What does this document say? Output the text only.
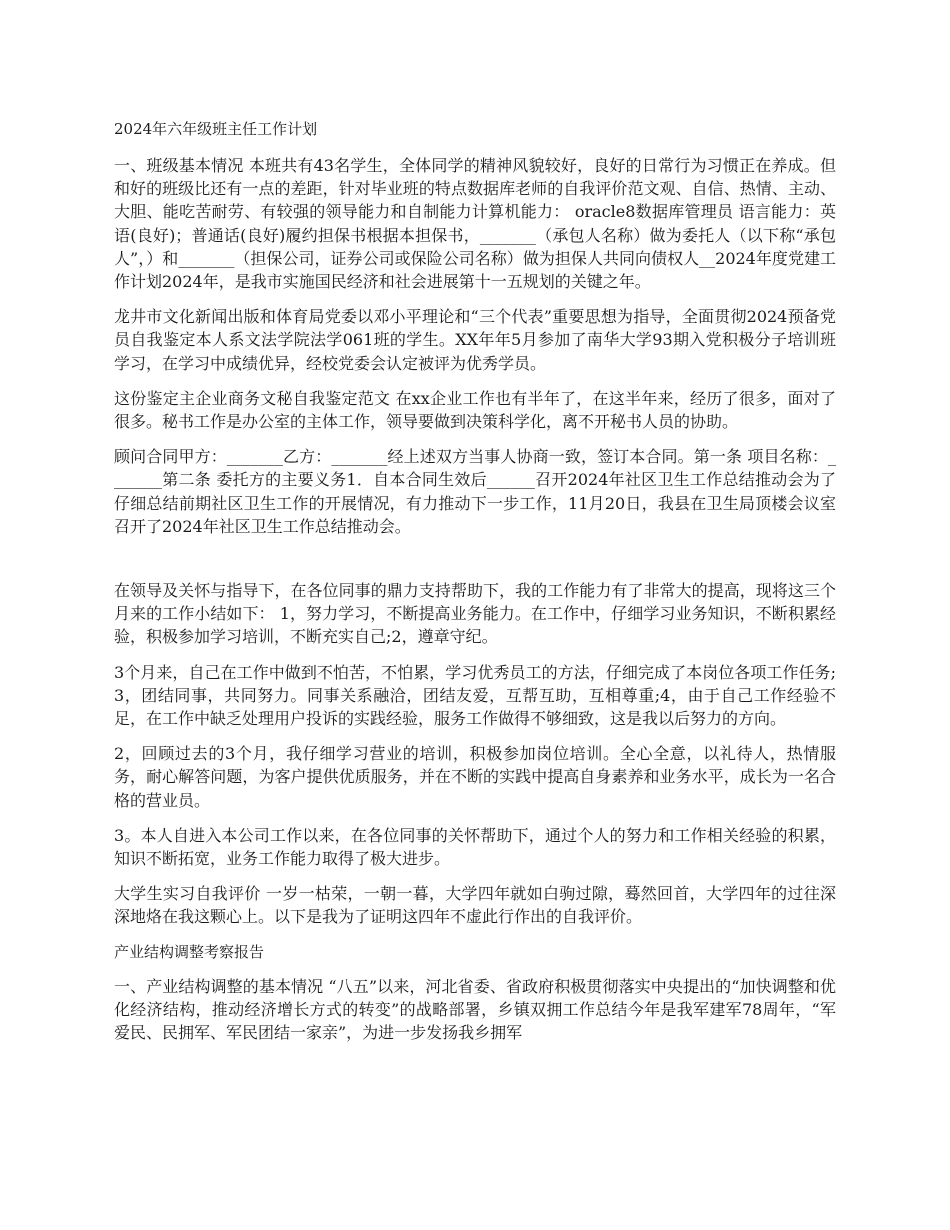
2024年六年级班主任工作计划

一、班级基本情况 本班共有43名学生，全体同学的精神风貌较好，良好的日常行为习惯正在养成。但和好的班级比还有一点的差距，针对毕业班的特点数据库老师的自我评价范文观、自信、热情、主动、大胆、能吃苦耐劳、有较强的领导能力和自制能力计算机能力： oracle8数据库管理员 语言能力：英语(良好)；普通话(良好)履约担保书根据本担保书，_______（承包人名称）做为委托人（以下称“承包人”，）和_______（担保公司，证券公司或保险公司名称）做为担保人共同向债权人__2024年度党建工作计划2024年，是我市实施国民经济和社会进展第十一五规划的关键之年。

龙井市文化新闻出版和体育局党委以邓小平理论和“三个代表”重要思想为指导，全面贯彻2024预备党员自我鉴定本人系文法学院法学061班的学生。XX年年5月参加了南华大学93期入党积极分子培训班学习，在学习中成绩优异，经校党委会认定被评为优秀学员。

这份鉴定主企业商务文秘自我鉴定范文 在xx企业工作也有半年了，在这半年来，经历了很多，面对了很多。秘书工作是办公室的主体工作，领导要做到决策科学化，离不开秘书人员的协助。

顾问合同甲方：_______乙方：_______经上述双方当事人协商一致，签订本合同。第一条 项目名称：_______第二条 委托方的主要义务1．自本合同生效后______召开2024年社区卫生工作总结推动会为了仔细总结前期社区卫生工作的开展情况，有力推动下一步工作，11月20日，我县在卫生局顶楼会议室召开了2024年社区卫生工作总结推动会。

在领导及关怀与指导下，在各位同事的鼎力支持帮助下，我的工作能力有了非常大的提高，现将这三个月来的工作小结如下： 1，努力学习，不断提高业务能力。在工作中，仔细学习业务知识，不断积累经验，积极参加学习培训，不断充实自己;2，遵章守纪。

3个月来，自己在工作中做到不怕苦，不怕累，学习优秀员工的方法，仔细完成了本岗位各项工作任务;3，团结同事，共同努力。同事关系融洽，团结友爱，互帮互助，互相尊重;4，由于自己工作经验不足，在工作中缺乏处理用户投诉的实践经验，服务工作做得不够细致，这是我以后努力的方向。

2，回顾过去的3个月，我仔细学习营业的培训，积极参加岗位培训。全心全意，以礼待人，热情服务，耐心解答问题，为客户提供优质服务，并在不断的实践中提高自身素养和业务水平，成长为一名合格的营业员。

3。本人自进入本公司工作以来，在各位同事的关怀帮助下，通过个人的努力和工作相关经验的积累，知识不断拓宽，业务工作能力取得了极大进步。

大学生实习自我评价 一岁一枯荣，一朝一暮，大学四年就如白驹过隙，蓦然回首，大学四年的过往深深地烙在我这颗心上。以下是我为了证明这四年不虚此行作出的自我评价。

产业结构调整考察报告

一、产业结构调整的基本情况 “八五”以来，河北省委、省政府积极贯彻落实中央提出的“加快调整和优化经济结构，推动经济增长方式的转变”的战略部署，乡镇双拥工作总结今年是我军建军78周年，“军爱民、民拥军、军民团结一家亲”，为进一步发扬我乡拥军
